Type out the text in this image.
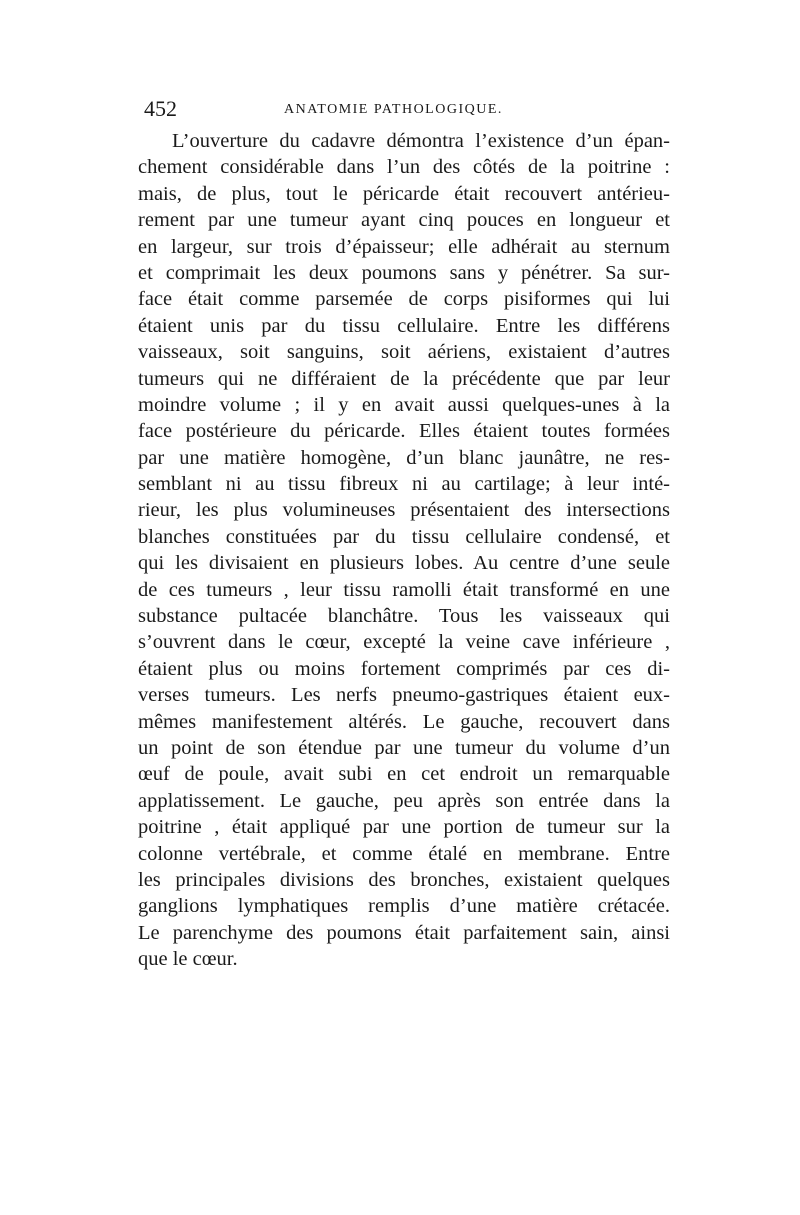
452	ANATOMIE PATHOLOGIQUE.
L’ouverture du cadavre démontra l’existence d’un épan-
chement considérable dans l’un des côtés de la poitrine :
mais, de plus, tout le péricarde était recouvert antérieu-
rement par une tumeur ayant cinq pouces en longueur et
en largeur, sur trois d’épaisseur; elle adhérait au sternum
et comprimait les deux poumons sans y pénétrer. Sa sur-
face était comme parsemée de corps pisiformes qui lui
étaient unis par du tissu cellulaire. Entre les différens
vaisseaux, soit sanguins, soit aériens, existaient d’autres
tumeurs qui ne différaient de la précédente que par leur
moindre volume ; il y en avait aussi quelques-unes à la
face postérieure du péricarde. Elles étaient toutes formées
par une matière homogène, d’un blanc jaunâtre, ne res-
semblant ni au tissu fibreux ni au cartilage; à leur inté-
rieur, les plus volumineuses présentaient des intersections
blanches constituées par du tissu cellulaire condensé, et
qui les divisaient en plusieurs lobes. Au centre d’une seule
de ces tumeurs , leur tissu ramolli était transformé en une
substance pultacée blanchâtre. Tous les vaisseaux qui
s’ouvrent dans le cœur, excepté la veine cave inférieure ,
étaient plus ou moins fortement comprimés par ces di-
verses tumeurs. Les nerfs pneumo-gastriques étaient eux-
mêmes manifestement altérés. Le gauche, recouvert dans
un point de son étendue par une tumeur du volume d’un
œuf de poule, avait subi en cet endroit un remarquable
applatissement. Le gauche, peu après son entrée dans la
poitrine , était appliqué par une portion de tumeur sur la
colonne vertébrale, et comme étalé en membrane. Entre
les principales divisions des bronches, existaient quelques
ganglions lymphatiques remplis d’une matière crétacée.
Le parenchyme des poumons était parfaitement sain, ainsi
que le cœur.
